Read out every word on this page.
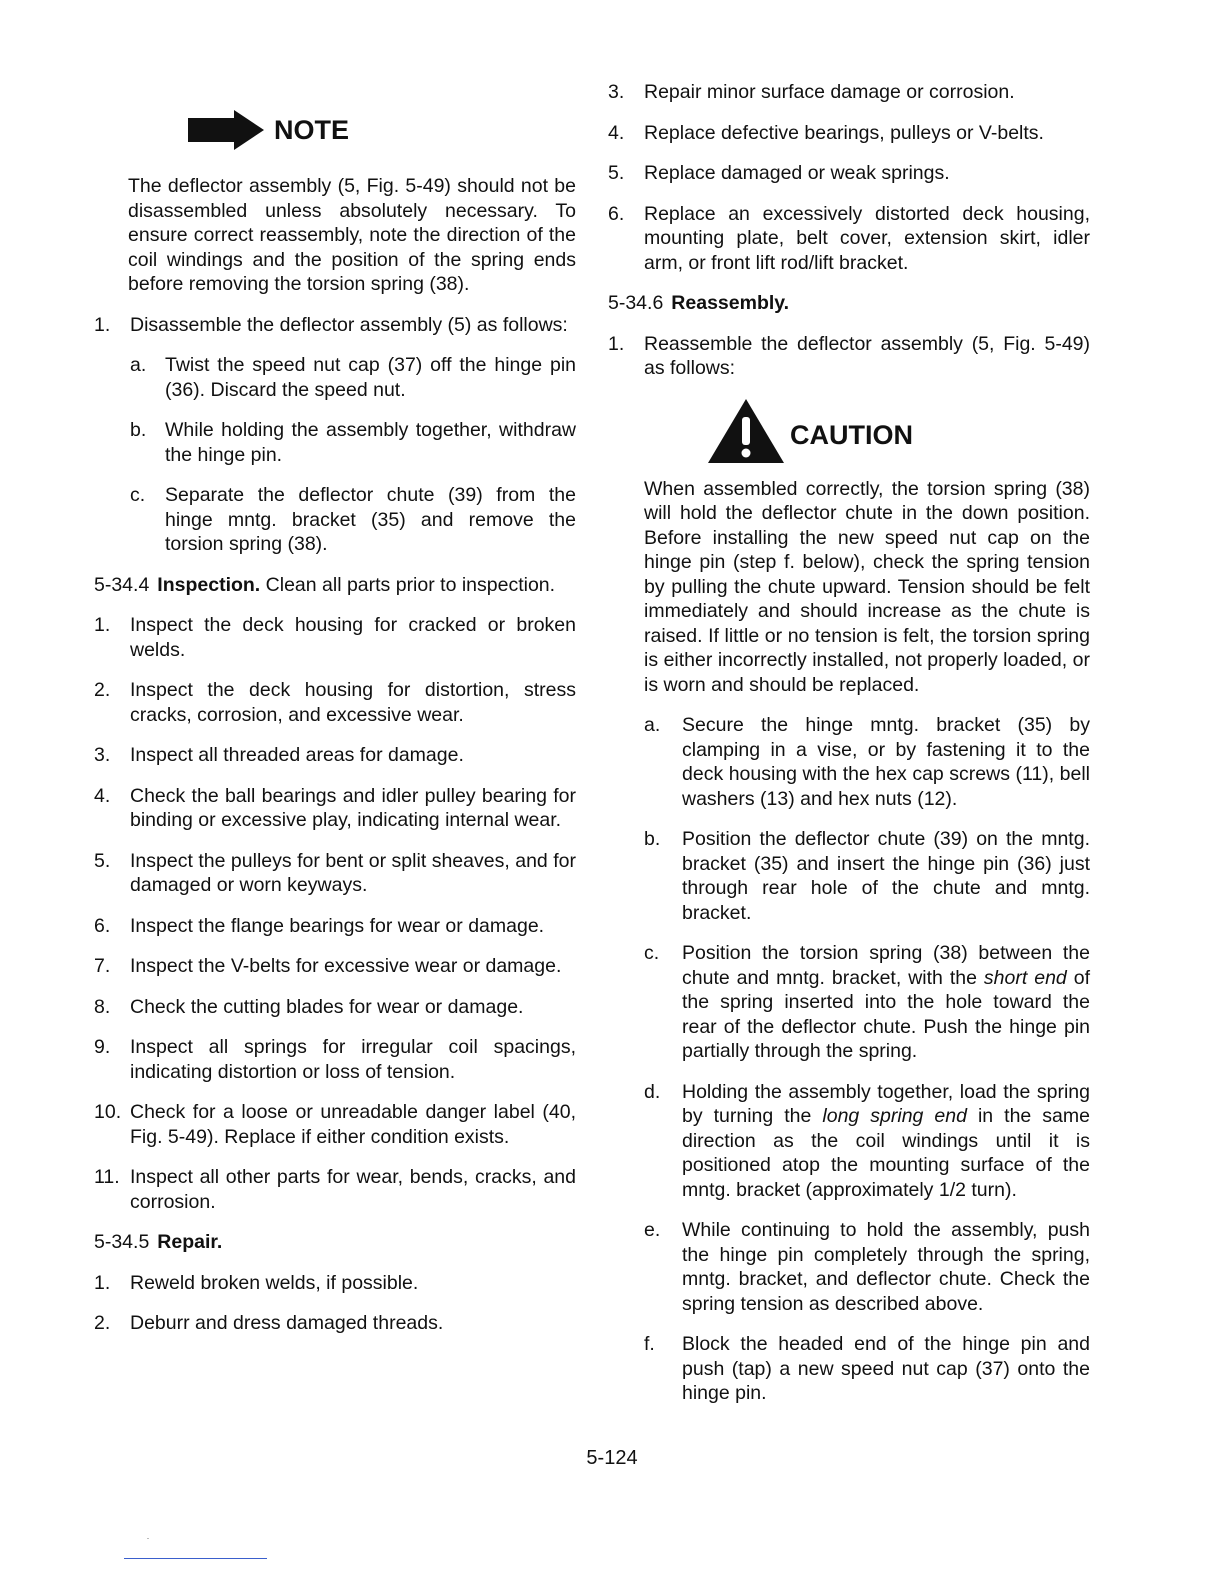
NOTE

The deflector assembly (5, Fig. 5-49) should not be disassembled unless absolutely necessary. To ensure correct reassembly, note the direction of the coil windings and the position of the spring ends before removing the torsion spring (38).

1.	Disassemble the deflector assembly (5) as follows:
a. Twist the speed nut cap (37) off the hinge pin (36). Discard the speed nut.
b. While holding the assembly together, withdraw the hinge pin.
c.	Separate the deflector chute (39) from the hinge mntg. bracket (35) and remove the torsion spring (38).

5-34.4 Inspection. Clean all parts prior to inspection.

1.	Inspect the deck housing for cracked or broken welds.
2.	Inspect the deck housing for distortion, stress cracks, corrosion, and excessive wear.
3.	Inspect all threaded areas for damage.
4.	Check the ball bearings and idler pulley bearing for binding or excessive play, indicating internal wear.
5.	Inspect the pulleys for bent or split sheaves, and for damaged or worn keyways.
6.	Inspect the flange bearings for wear or damage.
7.	Inspect the V-belts for excessive wear or damage.
8.	Check the cutting blades for wear or damage.
9.	Inspect all springs for irregular coil spacings, indicating distortion or loss of tension.
10. Check for a loose or unreadable danger label (40, Fig. 5-49). Replace if either condition exists.
11. Inspect all other parts for wear, bends, cracks, and corrosion.

5-34.5 Repair.

1.	Reweld broken welds, if possible.
2.	Deburr and dress damaged threads.
3.	Repair minor surface damage or corrosion.
4.	Replace defective bearings, pulleys or V-belts.
5.	Replace damaged or weak springs.
6.	Replace an excessively distorted deck housing, mounting plate, belt cover, extension skirt, idler arm, or front lift rod/lift bracket.

5-34.6 Reassembly.

1.	Reassemble the deflector assembly (5, Fig. 5-49) as follows:
CAUTION

When assembled correctly, the torsion spring (38) will hold the deflector chute in the down position. Before installing the new speed nut cap on the hinge pin (step f. below), check the spring tension by pulling the chute upward. Tension should be felt immediately and should increase as the chute is raised. If little or no tension is felt, the torsion spring is either incorrectly installed, not properly loaded, or is worn and should be replaced.

a.	Secure the hinge mntg. bracket (35) by clamping in a vise, or by fastening it to the deck housing with the hex cap screws (11), bell washers (13) and hex nuts (12).
b.	Position the deflector chute (39) on the mntg. bracket (35) and insert the hinge pin (36) just through rear hole of the chute and mntg. bracket.
c.	Position the torsion spring (38) between the chute and mntg. bracket, with the short end of the spring inserted into the hole toward the rear of the deflector chute. Push the hinge pin partially through the spring.
d.	Holding the assembly together, load the spring by turning the long spring end in the same direction as the coil windings until it is positioned atop the mounting surface of the mntg. bracket (approximately 1/2 turn).
e.	While continuing to hold the assembly, push the hinge pin completely through the spring, mntg. bracket, and deflector chute. Check the spring tension as described above.
f.	Block the headed end of the hinge pin and push (tap) a new speed nut cap (37) onto the hinge pin.
5-124
